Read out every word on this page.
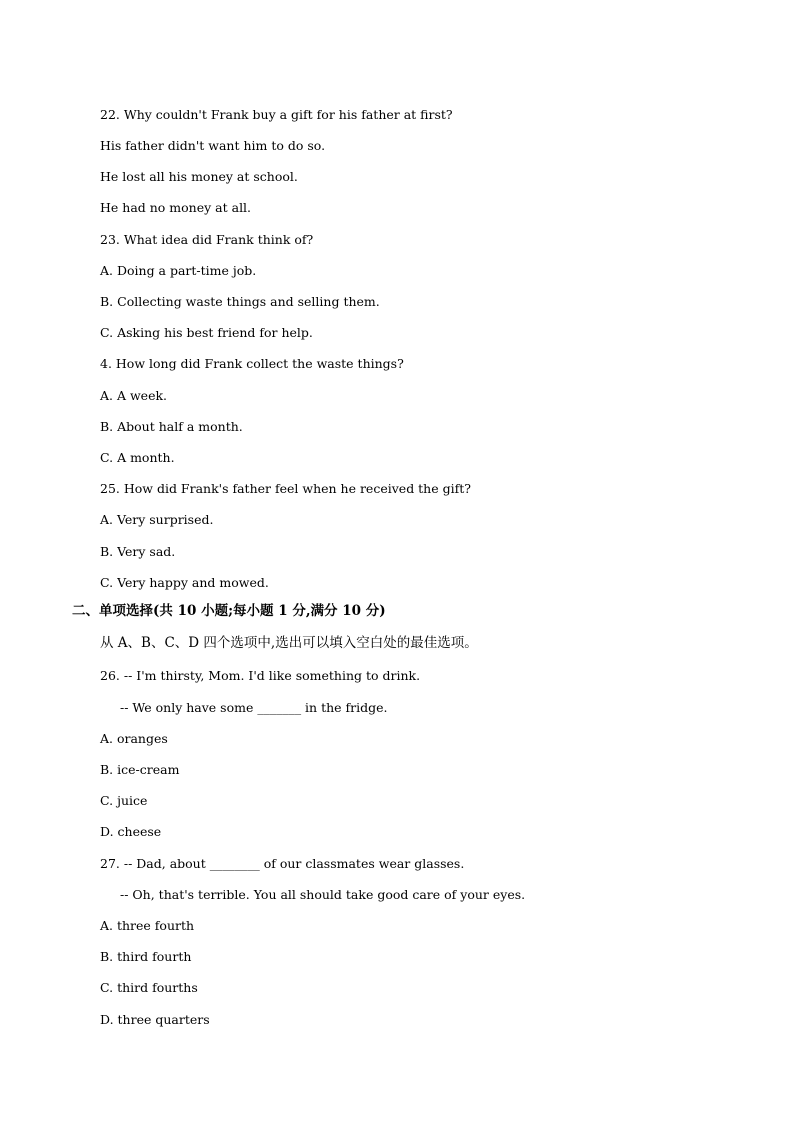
22. Why couldn't Frank buy a gift for his father at first?
His father didn't want him to do so.
He lost all his money at school.
He had no money at all.
23. What idea did Frank think of?
A. Doing a part-time job.
B. Collecting waste things and selling them.
C. Asking his best friend for help.
4. How long did Frank collect the waste things?
A. A week.
B. About half a month.
C. A month.
25. How did Frank's father feel when he received the gift?
A. Very surprised.
B. Very sad.
C. Very happy and mowed.
二、单项选择(共 10 小题;每小题 1 分,满分 10 分)
从 A、B、C、D 四个选项中,选出可以填入空白处的最佳选项。
26. -- I'm thirsty, Mom. I'd like something to drink.
-- We only have some _______ in the fridge.
A. oranges
B. ice-cream
C. juice
D. cheese
27. -- Dad, about ________ of our classmates wear glasses.
-- Oh, that's terrible. You all should take good care of your eyes.
A. three fourth
B. third fourth
C. third fourths
D. three quarters
